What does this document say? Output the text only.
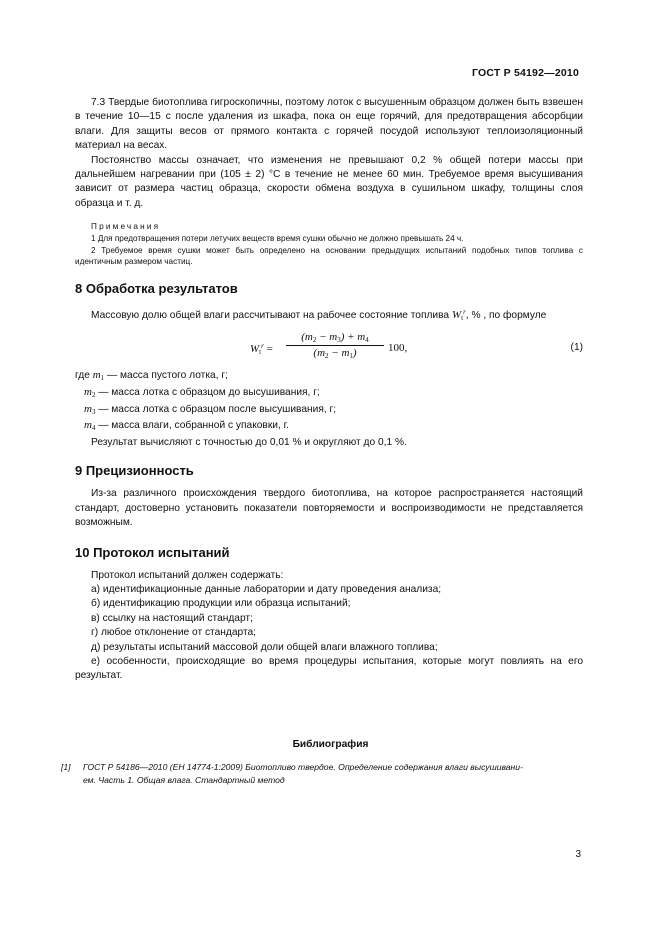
ГОСТ Р 54192—2010

7.3 Твердые биотоплива гигроскопичны, поэтому лоток с высушенным образцом должен быть взвешен в течение 10—15 с после удаления из шкафа, пока он еще горячий, для предотвращения абсорбции влаги. Для защиты весов от прямого контакта с горячей посудой используют теплоизоляционный материал на весах.

Постоянство массы означает, что изменения не превышают 0,2 % общей потери массы при дальнейшем нагревании при (105 ± 2) °С в течение не менее 60 мин. Требуемое время высушивания зависит от размера частиц образца, скорости обмена воздуха в сушильном шкафу, толщины слоя образца и т. д.

Примечания
1 Для предотвращения потери летучих веществ время сушки обычно не должно превышать 24 ч.
2 Требуемое время сушки может быть определено на основании предыдущих испытаний подобных типов топлива с идентичным размером частиц.
8 Обработка результатов

Массовую долю общей влаги рассчитывают на рабочее состояние топлива $W_t^r$, % , по формуле

$W_t^r = \frac{(m_2 - m_3) + m_4}{(m_2 - m_1)} 100$,	(1)

где $m_1$ — масса пустого лотка, г;

$m_2$ — масса лотка с образцом до высушивания, г;

$m_3$ — масса лотка с образцом после высушивания, г;

$m_4$ — масса влаги, собранной с упаковки, г.

Результат вычисляют с точностью до 0,01 % и округляют до 0,1 %.

9 Прецизионность

Из-за различного происхождения твердого биотоплива, на которое распространяется настоящий стандарт, достоверно установить показатели повторяемости и воспроизводимости не представляется возможным.

10 Протокол испытаний

Протокол испытаний должен содержать:

а) идентификационные данные лаборатории и дату проведения анализа;

б) идентификацию продукции или образца испытаний;

в) ссылку на настоящий стандарт;

г) любое отклонение от стандарта;

д) результаты испытаний массовой доли общей влаги влажного топлива;

е) особенности, происходящие во время процедуры испытания, которые могут повлиять на его результат.

Библиография
[1] ГОСТ Р 54186—2010 (ЕН 14774-1:2009) Биотопливо твердое. Определение содержания влаги высушивани-
ем. Часть 1. Общая влага. Стандартный метод
3
